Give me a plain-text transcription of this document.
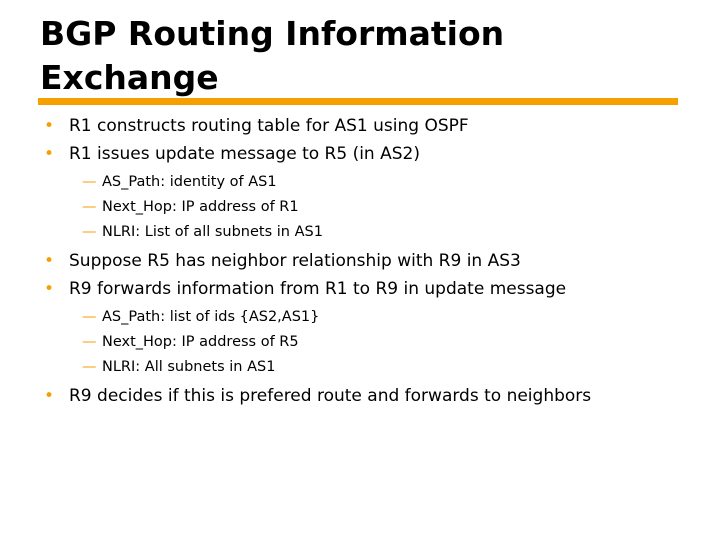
BGP Routing Information
Exchange
• R1 constructs routing table for AS1 using OSPF
• R1 issues update message to R5 (in AS2)
— AS_Path: identity of AS1
— Next_Hop: IP address of R1
— NLRI: List of all subnets in AS1
• Suppose R5 has neighbor relationship with R9 in AS3
• R9 forwards information from R1 to R9 in update message
— AS_Path: list of ids {AS2,AS1}
— Next_Hop: IP address of R5
— NLRI: All subnets in AS1
• R9 decides if this is prefered route and forwards to neighbors
